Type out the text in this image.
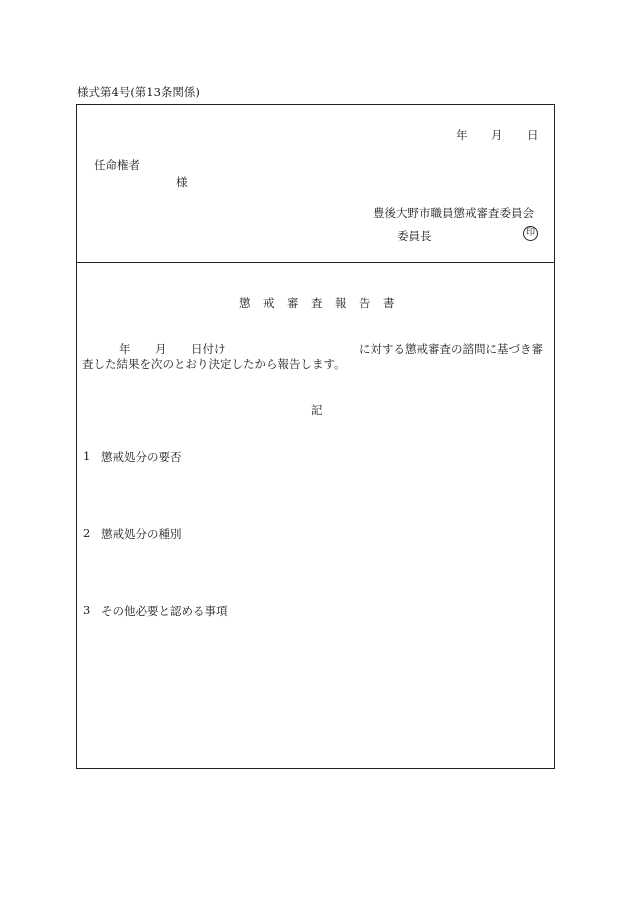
様式第4号(第13条関係)
年 月 日
任命権者
様
豊後大野市職員懲戒審査委員会
委員長	印
懲 戒 審 査 報 告 書
年 月 日付け	に対する懲戒審査の諮問に基づき審
査した結果を次のとおり決定したから報告します。
記
1 懲戒処分の要否
2 懲戒処分の種別
3 その他必要と認める事項
